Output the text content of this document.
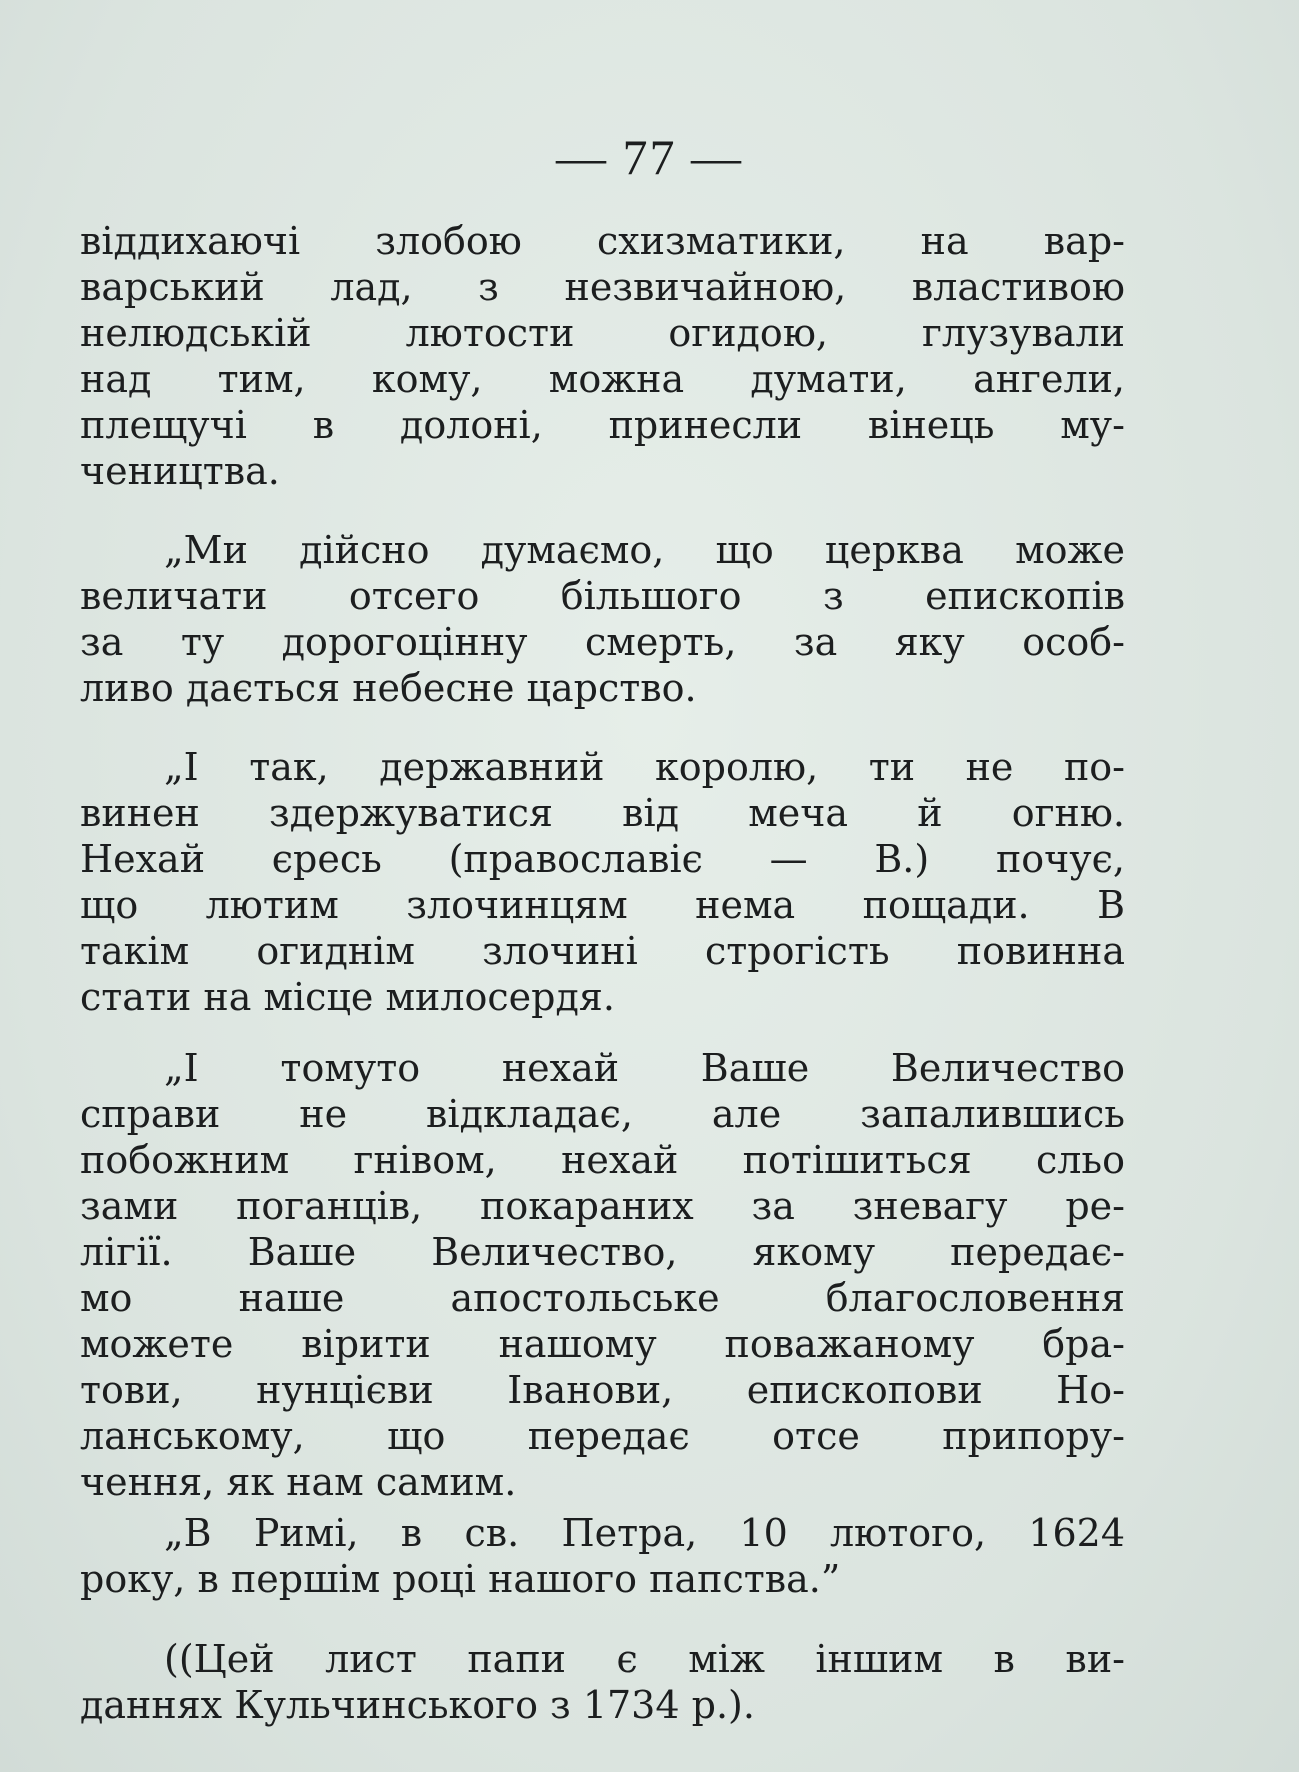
— 77 —
віддихаючі злобою схизматики, на вар-
варський лад, з незвичайною, властивою
нелюдській лютости огидою, глузували
над тим, кому, можна думати, ангели,
плещучі в долоні, принесли вінець му-
чеництва.
„Ми дійсно думаємо, що церква може
величати отсего більшого з епископів
за ту дорогоцінну смерть, за яку особ-
ливо дається небесне царство.
„І так, державний королю, ти не по-
винен здержуватися від меча й огню.
Нехай єресь (православіє — В.) почує,
що лютим злочинцям нема пощади. В
такім огиднім злочині строгість повинна
стати на місце милосердя.
„І томуто нехай Ваше Величество
справи не відкладає, але запалившись
побожним гнівом, нехай потішиться сльо
зами поганців, покараних за зневагу ре-
лігії. Ваше Величество, якому передає-
мо наше апостольське благословення
можете вірити нашому поважаному бра-
тови, нунцієви Іванови, епископови Но-
ланському, що передає отсе припору-
чення, як нам самим.
„В Римі, в св. Петра, 10 лютого, 1624
року, в першім році нашого папства.”
((Цей лист папи є між іншим в ви-
даннях Кульчинського з 1734 р.).
